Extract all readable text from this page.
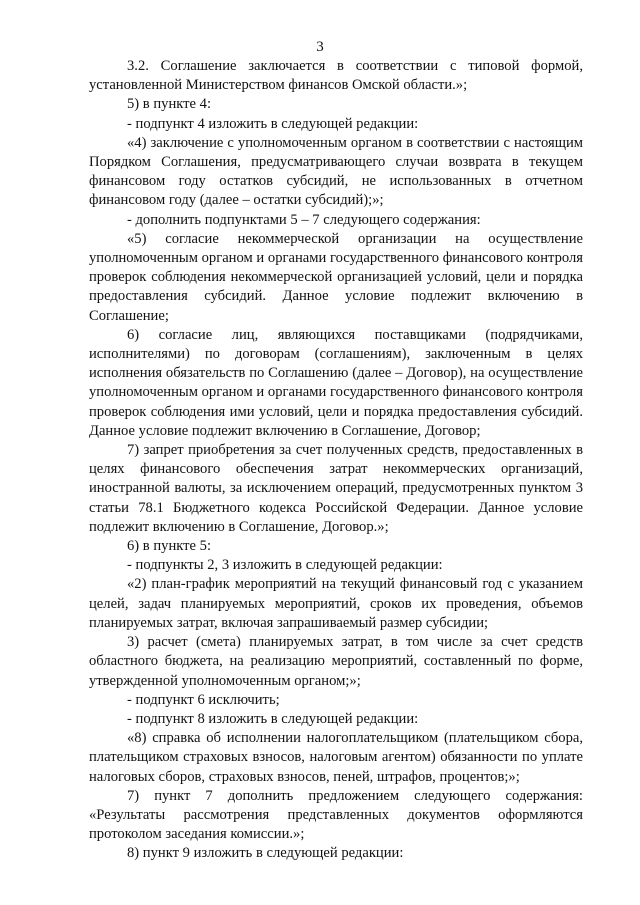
3

3.2. Соглашение заключается в соответствии с типовой формой, установленной Министерством финансов Омской области.»;

5) в пункте 4:

- подпункт 4 изложить в следующей редакции:

«4) заключение с уполномоченным органом в соответствии с настоящим Порядком Соглашения, предусматривающего случаи возврата в текущем финансовом году остатков субсидий, не использованных в отчетном финансовом году (далее – остатки субсидий);»;

- дополнить подпунктами 5 – 7 следующего содержания:

«5) согласие некоммерческой организации на осуществление уполномоченным органом и органами государственного финансового контроля проверок соблюдения некоммерческой организацией условий, цели и порядка предоставления субсидий. Данное условие подлежит включению в Соглашение;

6) согласие лиц, являющихся поставщиками (подрядчиками, исполнителями) по договорам (соглашениям), заключенным в целях исполнения обязательств по Соглашению (далее – Договор), на осуществление уполномоченным органом и органами государственного финансового контроля проверок соблюдения ими условий, цели и порядка предоставления субсидий. Данное условие подлежит включению в Соглашение, Договор;

7) запрет приобретения за счет полученных средств, предоставленных в целях финансового обеспечения затрат некоммерческих организаций, иностранной валюты, за исключением операций, предусмотренных пунктом 3 статьи 78.1 Бюджетного кодекса Российской Федерации. Данное условие подлежит включению в Соглашение, Договор.»;

6) в пункте 5:

- подпункты 2, 3 изложить в следующей редакции:

«2) план-график мероприятий на текущий финансовый год с указанием целей, задач планируемых мероприятий, сроков их проведения, объемов планируемых затрат, включая запрашиваемый размер субсидии;

3) расчет (смета) планируемых затрат, в том числе за счет средств областного бюджета, на реализацию мероприятий, составленный по форме, утвержденной уполномоченным органом;»;

- подпункт 6 исключить;

- подпункт 8 изложить в следующей редакции:

«8) справка об исполнении налогоплательщиком (плательщиком сбора, плательщиком страховых взносов, налоговым агентом) обязанности по уплате налоговых сборов, страховых взносов, пеней, штрафов, процентов;»;

7) пункт 7 дополнить предложением следующего содержания: «Результаты рассмотрения представленных документов оформляются протоколом заседания комиссии.»;

8) пункт 9 изложить в следующей редакции:
